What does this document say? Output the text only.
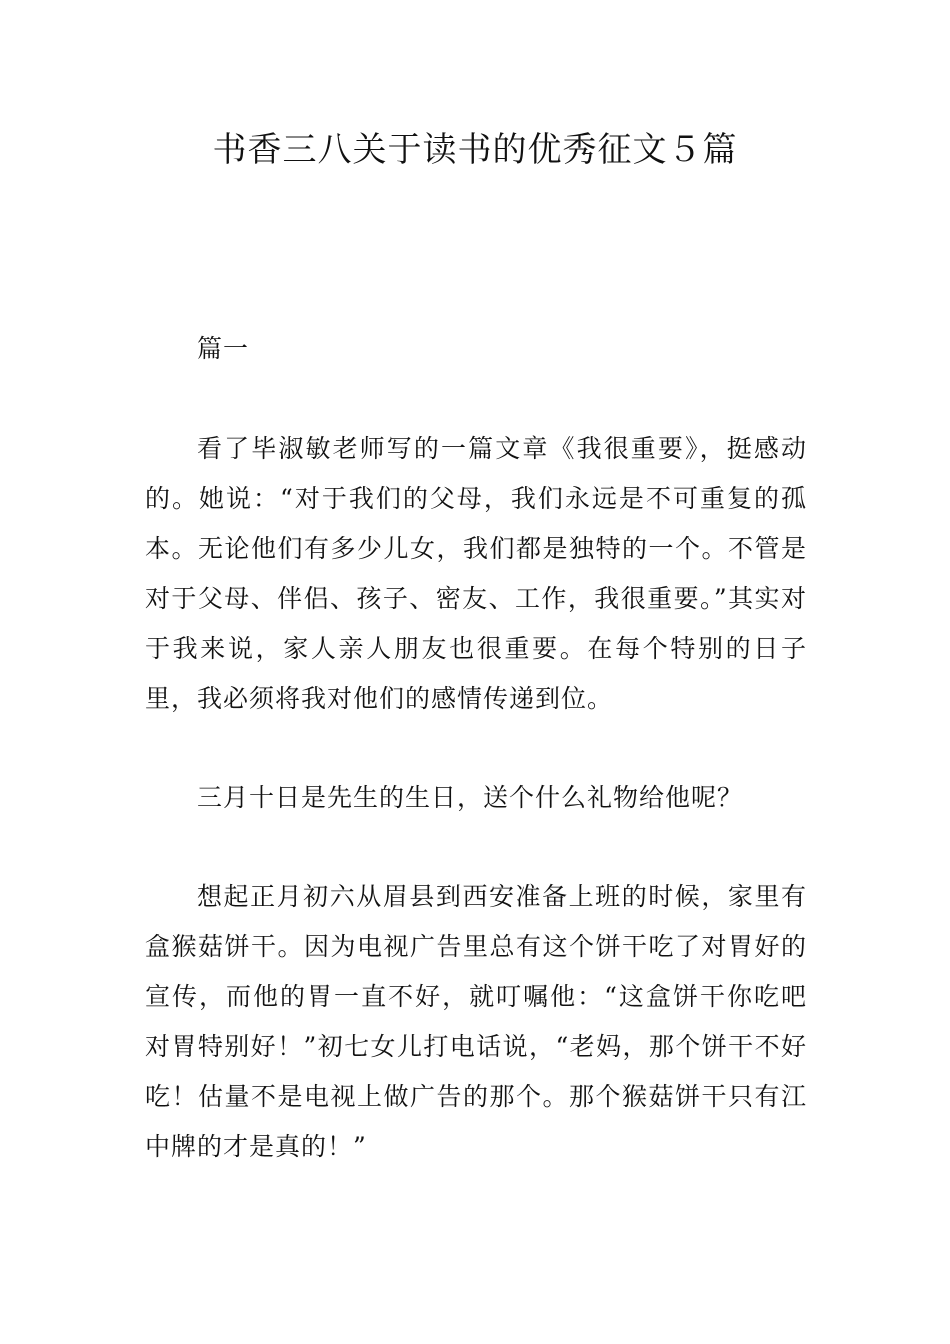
书香三八关于读书的优秀征文５篇

篇一

看了毕淑敏老师写的一篇文章《我很重要》，挺感动的。她说：“对于我们的父母，我们永远是不可重复的孤本。无论他们有多少儿女，我们都是独特的一个。不管是对于父母、伴侣、孩子、密友、工作，我很重要。”其实对于我来说，家人亲人朋友也很重要。在每个特别的日子里，我必须将我对他们的感情传递到位。

三月十日是先生的生日，送个什么礼物给他呢？

想起正月初六从眉县到西安准备上班的时候，家里有盒猴菇饼干。因为电视广告里总有这个饼干吃了对胃好的宣传，而他的胃一直不好，就叮嘱他：“这盒饼干你吃吧对胃特别好！”初七女儿打电话说，“老妈，那个饼干不好吃！估量不是电视上做广告的那个。那个猴菇饼干只有江中牌的才是真的！”
